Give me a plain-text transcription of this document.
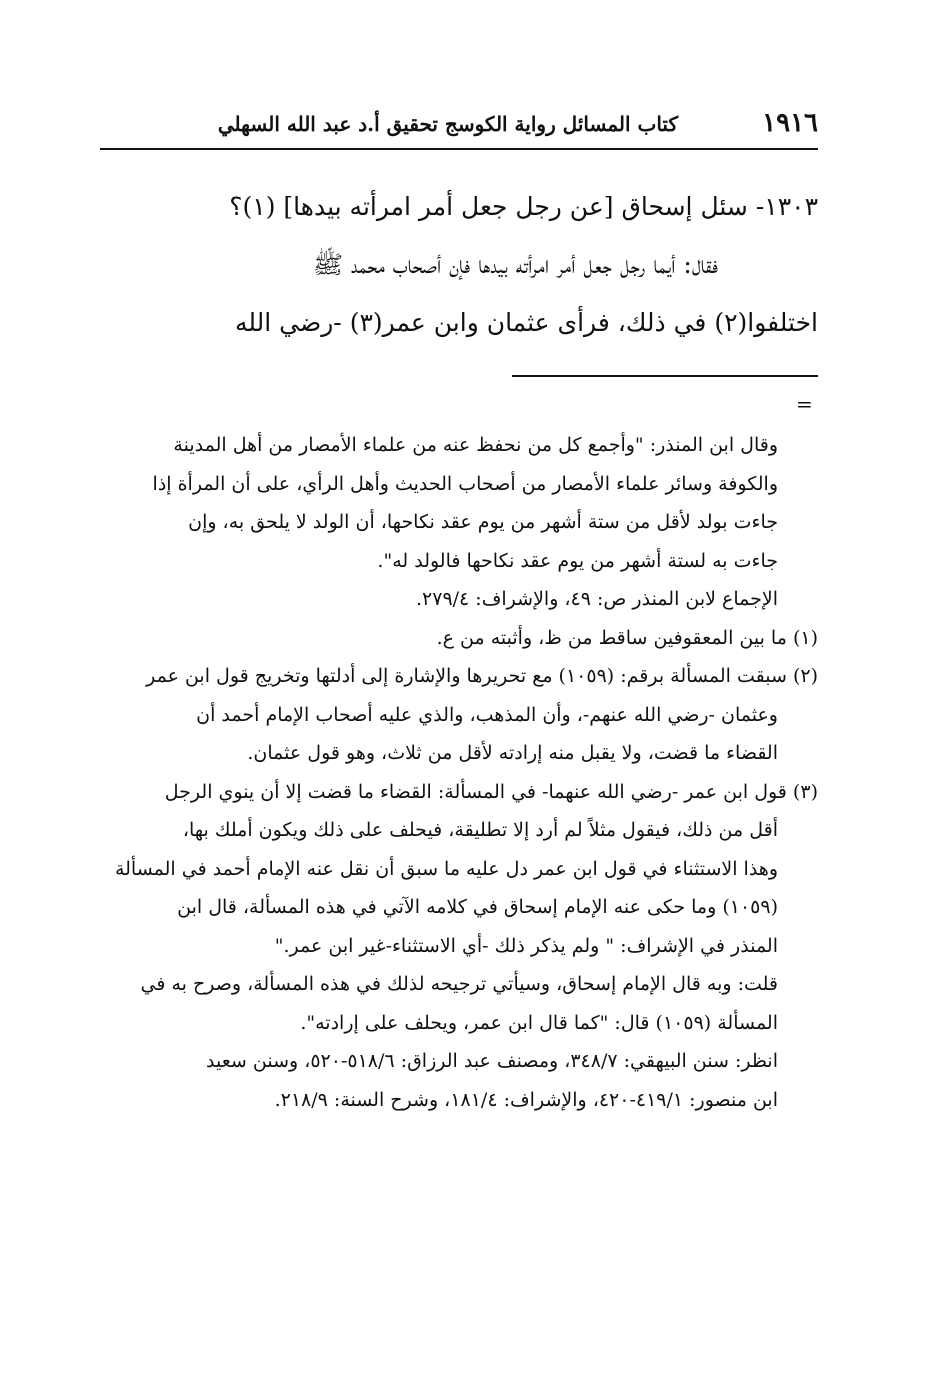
١٩١٦
كتاب المسائل رواية الكوسج تحقيق أ.د عبد الله السهلي

١٣٠٣- سئل إسحاق [عن رجل جعل أمر امرأته بيدها] (١)؟

فقال: أيما رجل جعل أمر امرأته بيدها فإن أصحاب محمد ﷺ

اختلفوا(٢) في ذلك، فرأى عثمان وابن عمر(٣) -رضي الله

=

وقال ابن المنذر: "وأجمع كل من نحفظ عنه من علماء الأمصار من أهل المدينة

والكوفة وسائر علماء الأمصار من أصحاب الحديث وأهل الرأي، على أن المرأة إذا

جاءت بولد لأقل من ستة أشهر من يوم عقد نكاحها، أن الولد لا يلحق به، وإن

جاءت به لستة أشهر من يوم عقد نكاحها فالولد له".

الإجماع لابن المنذر ص: ٤٩، والإشراف: ٢٧٩/٤.

(١) ما بين المعقوفين ساقط من ظ، وأثبته من ع.

(٢) سبقت المسألة برقم: (١٠٥٩) مع تحريرها والإشارة إلى أدلتها وتخريج قول ابن عمر

وعثمان -رضي الله عنهم-، وأن المذهب، والذي عليه أصحاب الإمام أحمد أن

القضاء ما قضت، ولا يقبل منه إرادته لأقل من ثلاث، وهو قول عثمان.

(٣) قول ابن عمر -رضي الله عنهما- في المسألة: القضاء ما قضت إلا أن ينوي الرجل

أقل من ذلك، فيقول مثلاً لم أرد إلا تطليقة، فيحلف على ذلك ويكون أملك بها،

وهذا الاستثناء في قول ابن عمر دل عليه ما سبق أن نقل عنه الإمام أحمد في المسألة

(١٠٥٩) وما حكى عنه الإمام إسحاق في كلامه الآتي في هذه المسألة، قال ابن

المنذر في الإشراف: " ولم يذكر ذلك -أي الاستثناء-غير ابن عمر."

قلت: وبه قال الإمام إسحاق، وسيأتي ترجيحه لذلك في هذه المسألة، وصرح به في

المسألة (١٠٥٩) قال: "كما قال ابن عمر، ويحلف على إرادته".

انظر: سنن البيهقي: ٣٤٨/٧، ومصنف عبد الرزاق: ٥١٨/٦-٥٢٠، وسنن سعيد

ابن منصور: ٤١٩/١-٤٢٠، والإشراف: ١٨١/٤، وشرح السنة: ٢١٨/٩.
